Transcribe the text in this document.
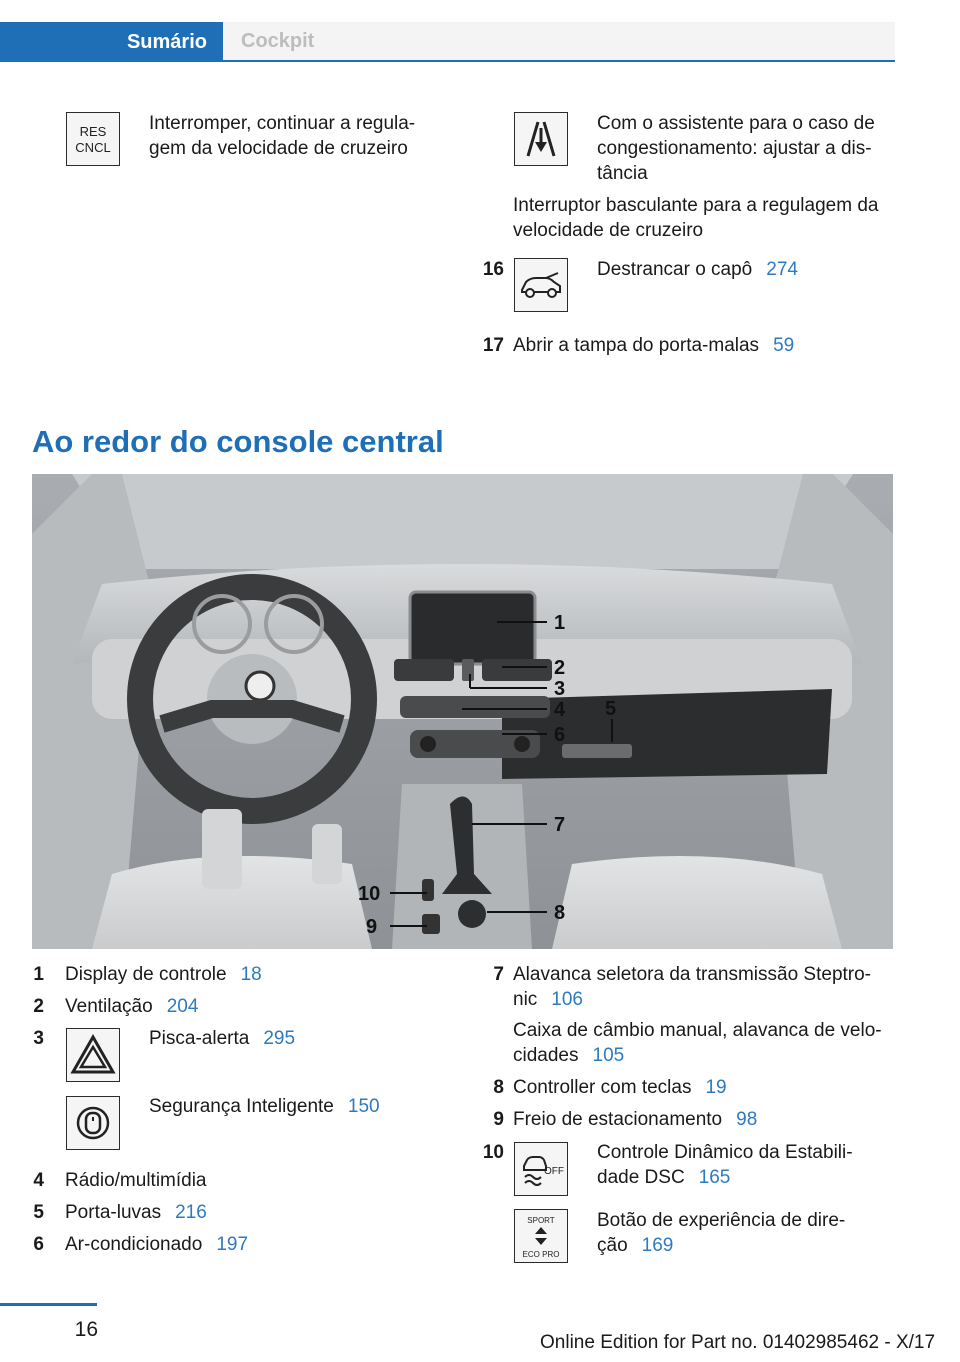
Sumário Cockpit
RES
CNCL
Interromper, continuar a regula-
gem da velocidade de cruzeiro
Com o assistente para o caso de
congestionamento: ajustar a dis-
tância
Interruptor basculante para a regulagem da
velocidade de cruzeiro
16	Destrancar o capô 274
17 Abrir a tampa do porta-malas 59
Ao redor do console central
1
2
3
4 5
6
7
8
9
10
1 Display de controle 18
2 Ventilação 204
3	Pisca-alerta 295
Segurança Inteligente 150
4 Rádio/multimídia
5 Porta-luvas 216
6 Ar-condicionado 197
7 Alavanca seletora da transmissão Steptro-
nic 106
Caixa de câmbio manual, alavanca de velo-
cidades 105
8 Controller com teclas 19
9 Freio de estacionamento 98
10
OFF
Controle Dinâmico da Estabili-
dade DSC 165
SPORT
ECO PRO
Botão de experiência de dire-
ção 169
16
Online Edition for Part no. 01402985462 - X/17
